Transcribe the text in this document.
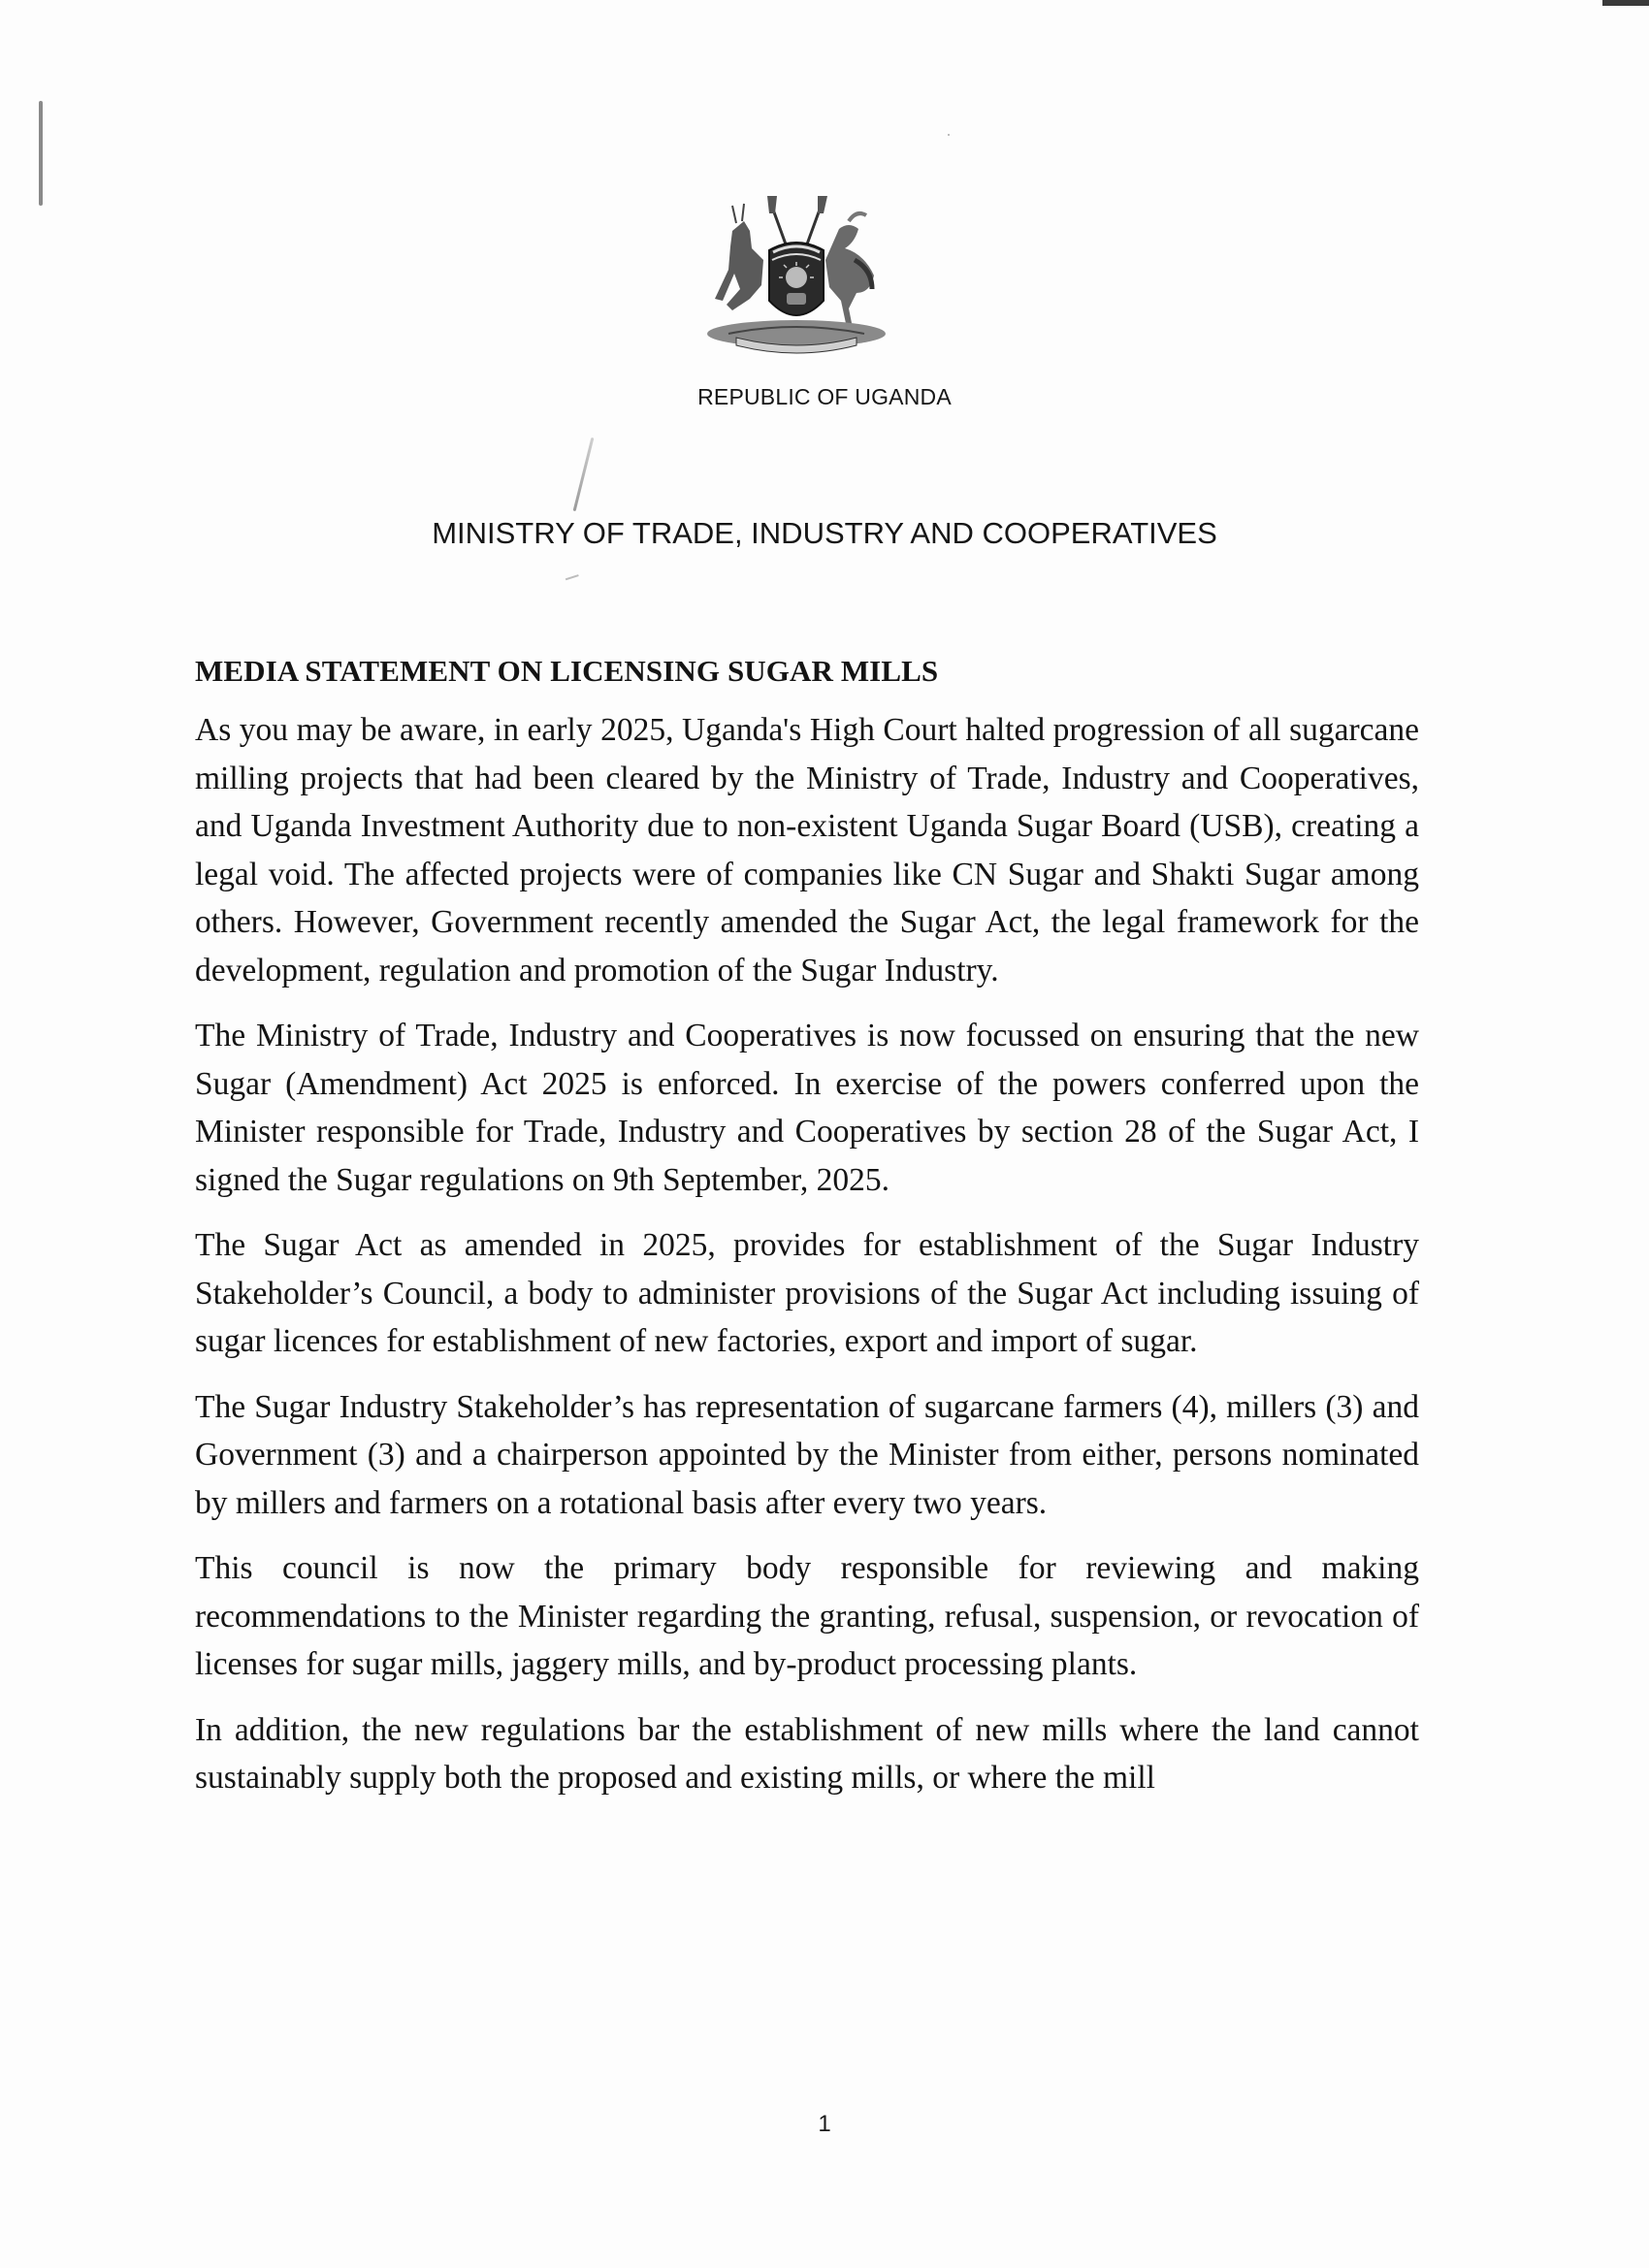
REPUBLIC OF UGANDA
MINISTRY OF TRADE, INDUSTRY AND COOPERATIVES
MEDIA STATEMENT ON LICENSING SUGAR MILLS

As you may be aware, in early 2025, Uganda's High Court halted progression of all sugarcane milling projects that had been cleared by the Ministry of Trade, Industry and Cooperatives, and Uganda Investment Authority due to non-existent Uganda Sugar Board (USB), creating a legal void. The affected projects were of companies like CN Sugar and Shakti Sugar among others. However, Government recently amended the Sugar Act, the legal framework for the development, regulation and promotion of the Sugar Industry.

The Ministry of Trade, Industry and Cooperatives is now focussed on ensuring that the new Sugar (Amendment) Act 2025 is enforced. In exercise of the powers conferred upon the Minister responsible for Trade, Industry and Cooperatives by section 28 of the Sugar Act, I signed the Sugar regulations on 9th September, 2025.

The Sugar Act as amended in 2025, provides for establishment of the Sugar Industry Stakeholder’s Council, a body to administer provisions of the Sugar Act including issuing of sugar licences for establishment of new factories, export and import of sugar.

The Sugar Industry Stakeholder’s has representation of sugarcane farmers (4), millers (3) and Government (3) and a chairperson appointed by the Minister from either, persons nominated by millers and farmers on a rotational basis after every two years.

This council is now the primary body responsible for reviewing and making recommendations to the Minister regarding the granting, refusal, suspension, or revocation of licenses for sugar mills, jaggery mills, and by-product processing plants.

In addition, the new regulations bar the establishment of new mills where the land cannot sustainably supply both the proposed and existing mills, or where the mill

1
